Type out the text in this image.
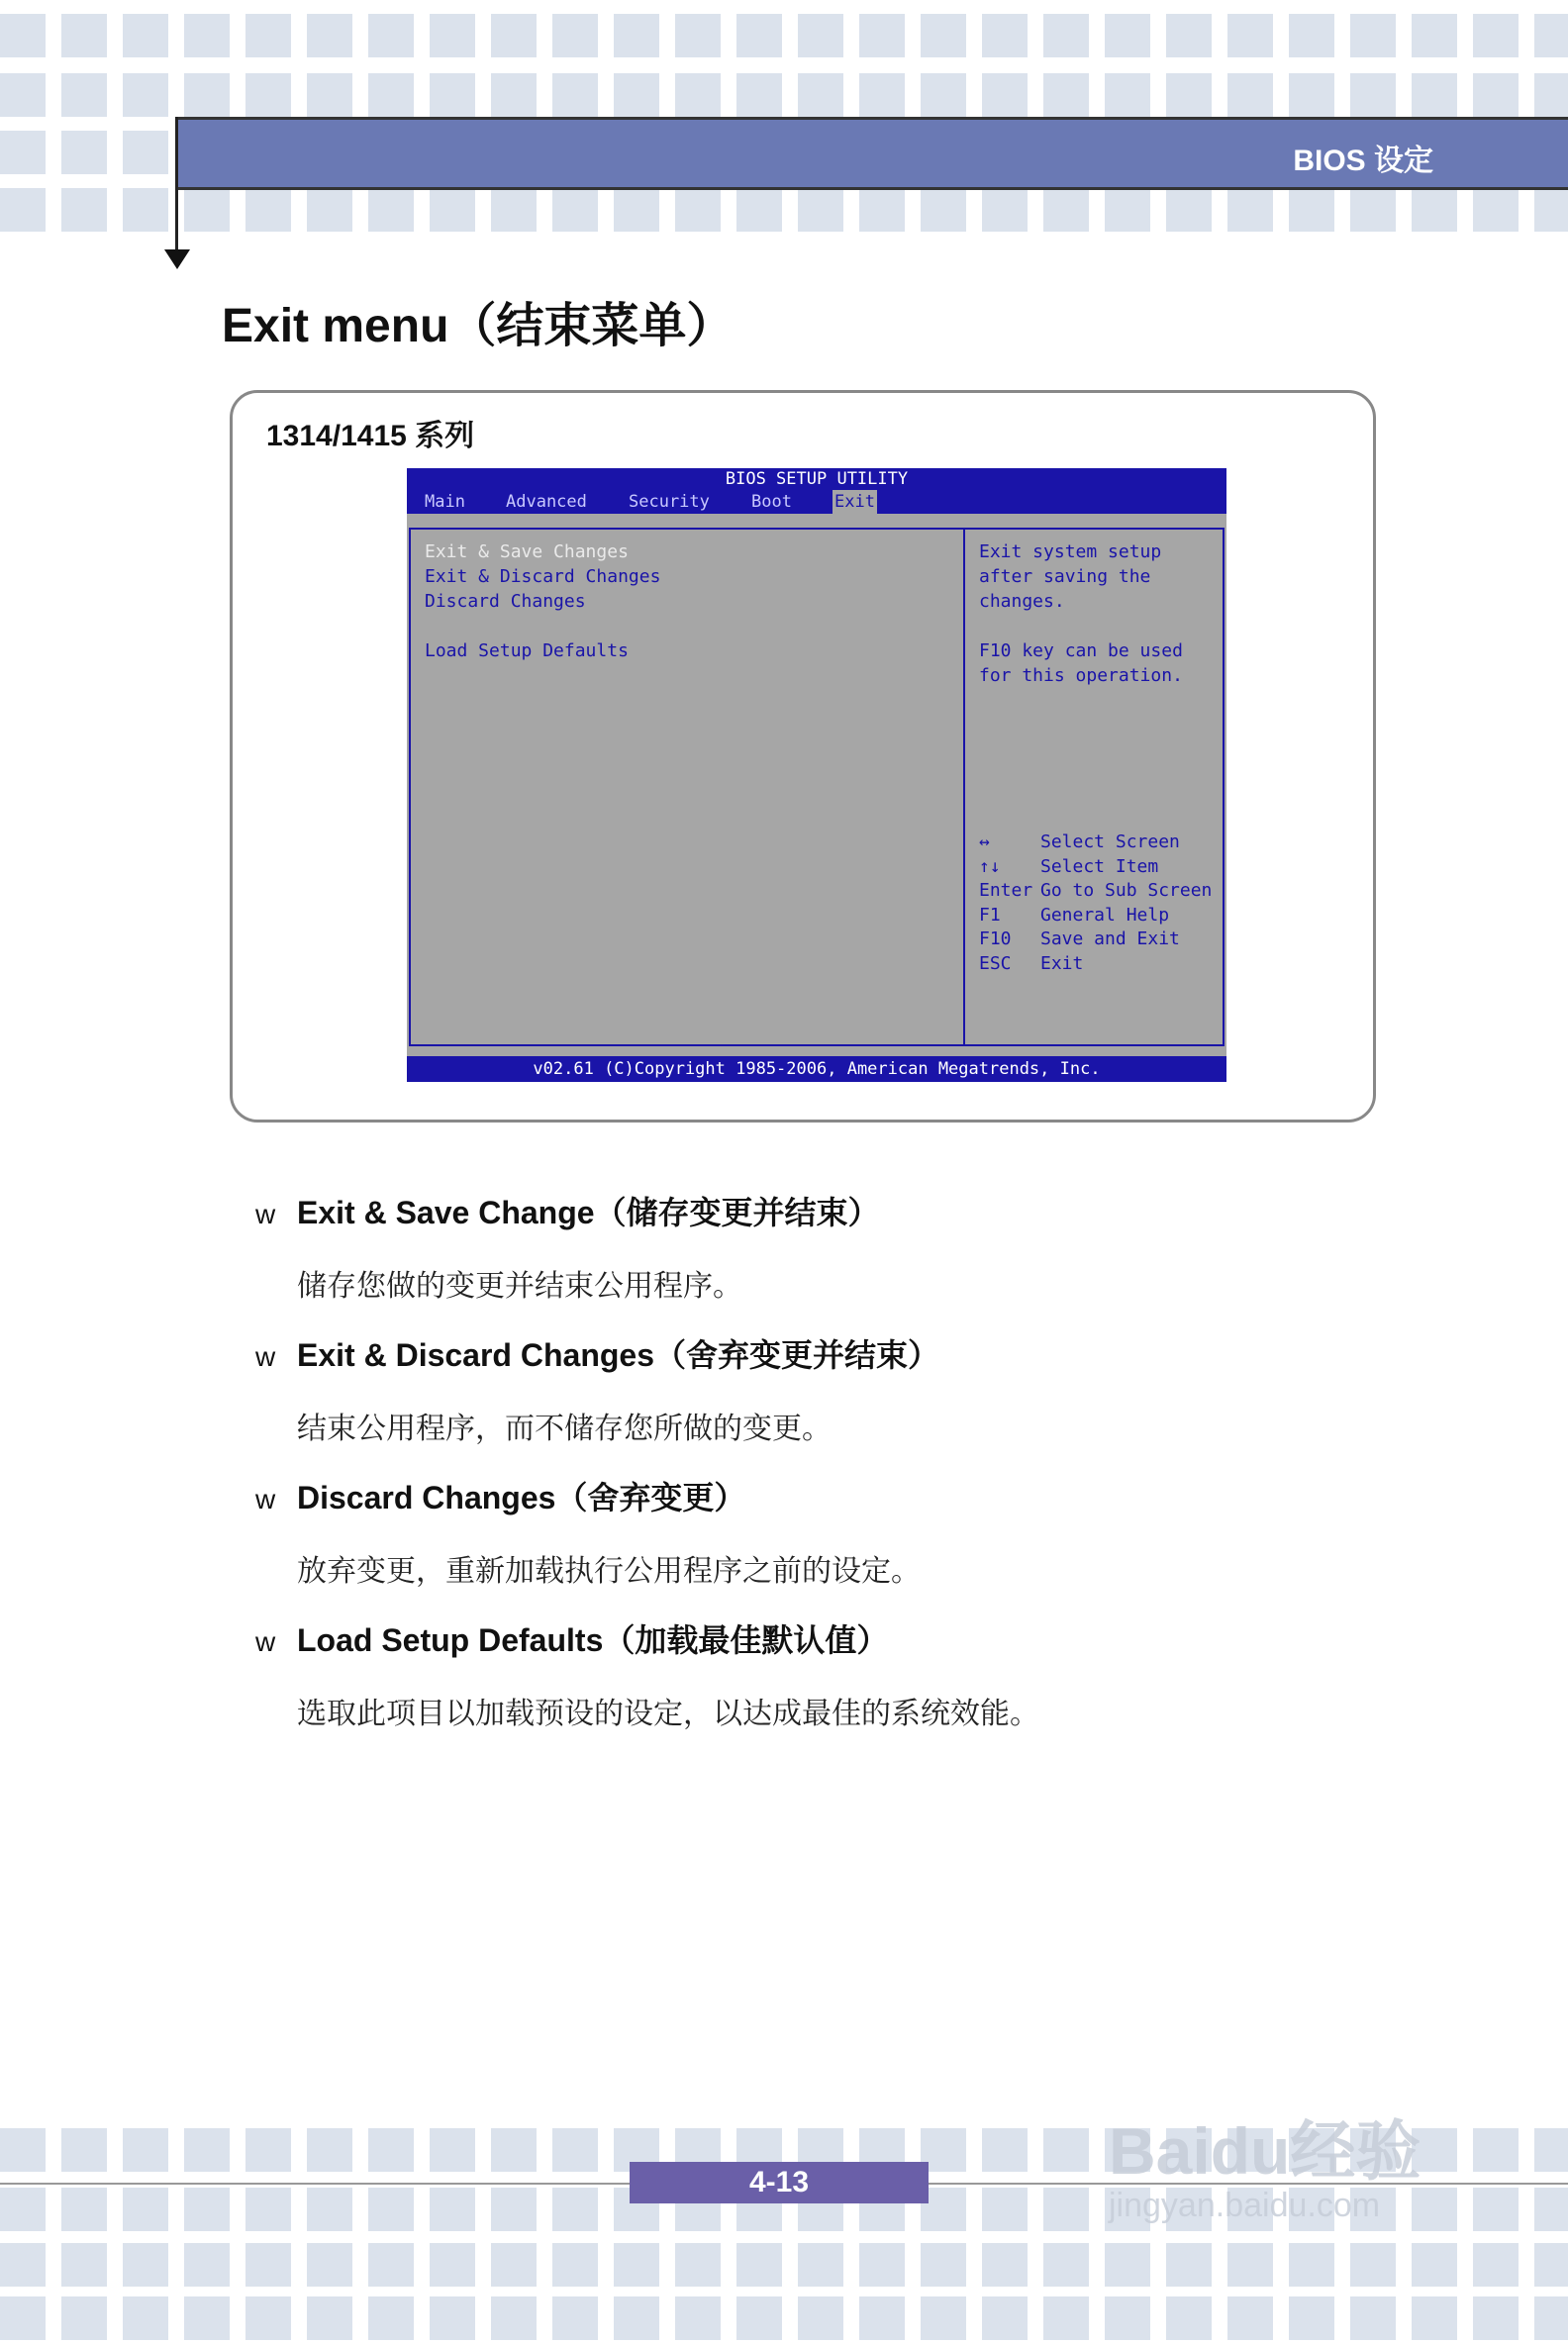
BIOS 设定
Exit menu（结束菜单）
1314/1415 系列
BIOS SETUP UTILITY
Main Advanced Security Boot	Exit
Exit & Save Changes
Exit & Discard Changes
Discard Changes
Load Setup Defaults
Exit system setup
after saving the
changes.
F10 key can be used
for this operation.
↔	Select Screen
↑↓ Select Item
Enter Go to Sub Screen
F1 General Help
F10 Save and Exit
ESC Exit
v02.61 (C)Copyright 1985-2006, American Megatrends, Inc.
w Exit & Save Change（储存变更并结束）
储存您做的变更并结束公用程序。
w Exit & Discard Changes（舍弃变更并结束）
结束公用程序，而不储存您所做的变更。
w Discard Changes（舍弃变更）
放弃变更，重新加载执行公用程序之前的设定。
w Load Setup Defaults（加载最佳默认值）
选取此项目以加载预设的设定，以达成最佳的系统效能。
4-13	Baidu经验
jingyan.baidu.com
